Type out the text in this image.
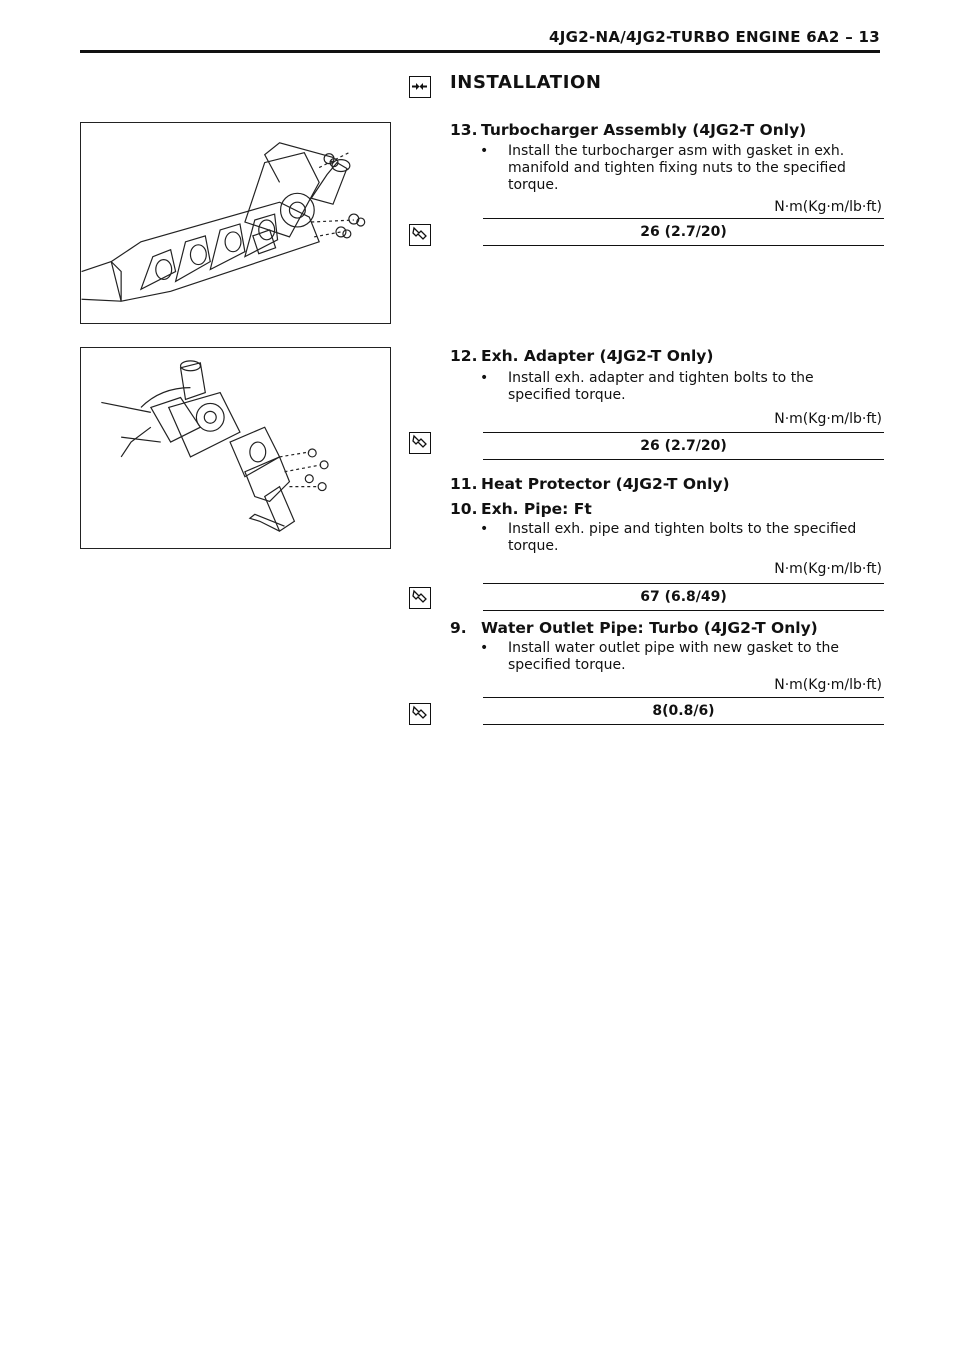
4JG2-NA/4JG2-TURBO ENGINE 6A2 – 13
INSTALLATION
13. Turbocharger Assembly (4JG2-T Only)
• Install the turbocharger asm with gasket in exh. manifold and tighten fixing nuts to the specified torque.
N·m(Kg·m/lb·ft)
26 (2.7/20)
12. Exh. Adapter (4JG2-T Only)
• Install exh. adapter and tighten bolts to the specified torque.
N·m(Kg·m/lb·ft)
26 (2.7/20)
11. Heat Protector (4JG2-T Only)
10. Exh. Pipe: Ft
• Install exh. pipe and tighten bolts to the specified torque.
N·m(Kg·m/lb·ft)
67 (6.8/49)
9. Water Outlet Pipe: Turbo (4JG2-T Only)
• Install water outlet pipe with new gasket to the specified torque.
N·m(Kg·m/lb·ft)
8(0.8/6)
